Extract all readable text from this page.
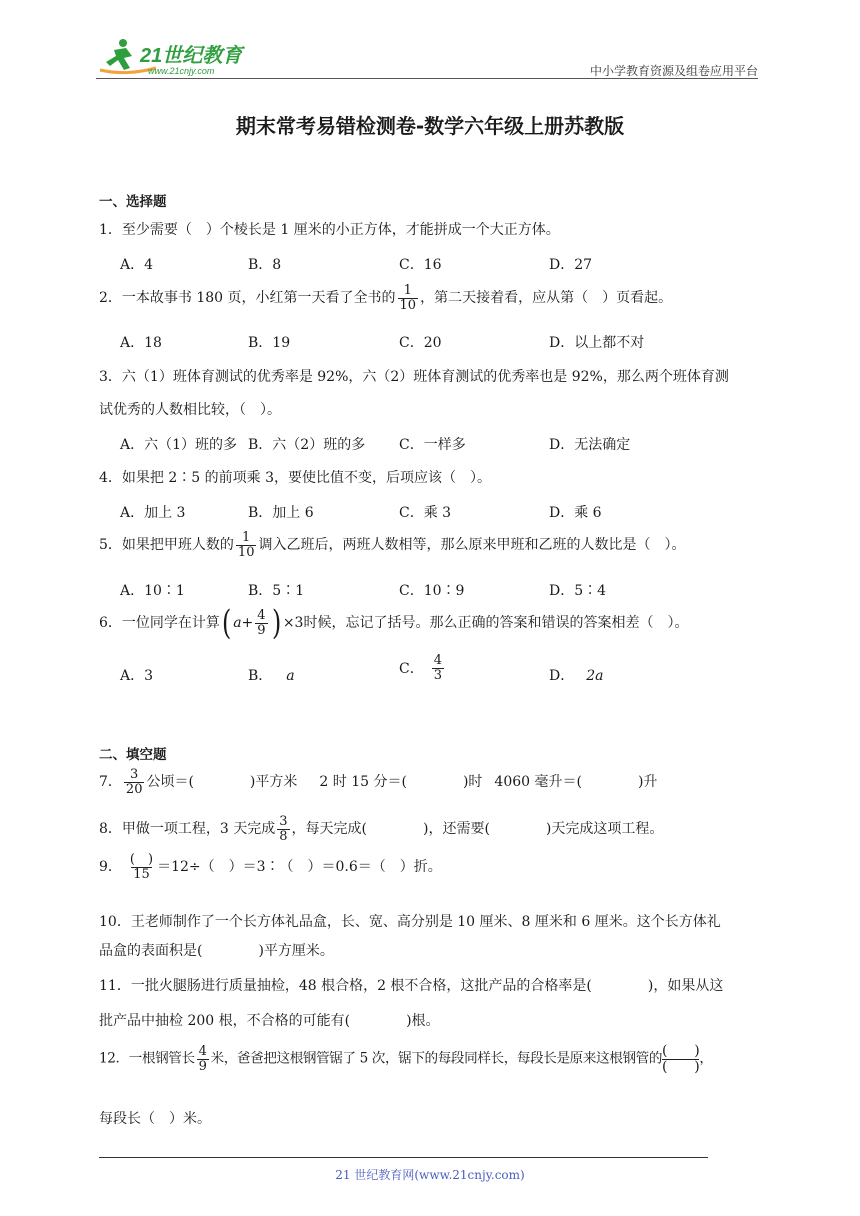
21世纪教育
www.21cnjy.com	中小学教育资源及组卷应用平台
期末常考易错检测卷-数学六年级上册苏教版
一、选择题
1．至少需要（　）个棱长是 1 厘米的小正方体，才能拼成一个大正方体。
A．4	B．8	C．16	D．27
2．一本故事书 180 页，小红第一天看了全书的 $\frac{1}{10}$ ，第二天接着看，应从第（　）页看起。
A．18	B．19	C．20	D．以上都不对
3．六（1）班体育测试的优秀率是 92%，六（2）班体育测试的优秀率也是 92%，那么两个班体育测
试优秀的人数相比较，（　）。
A．六（1）班的多 B．六（2）班的多 C．一样多	D．无法确定
4．如果把 2∶5 的前项乘 3，要使比值不变，后项应该（　）。
A．加上 3	B．加上 6	C．乘 3	D．乘 6
5．如果把甲班人数的 $\frac{1}{10}$ 调入乙班后，两班人数相等，那么原来甲班和乙班的人数比是（　）。
A．10∶1	B．5∶1	C．10∶9	D．5∶4
6．一位同学在计算( $a+ \frac{4}{9}$ ) ×3时候，忘记了括号。那么正确的答案和错误的答案相差（　）。
A．3	B． a	C． $\frac{4}{3}$	D． 2a
二、填空题
7． $\frac{3}{20}$ 公顷＝(　　　　)平方米 2 时 15 分＝(　　　　)时 4060 毫升＝(　　　　)升
8．甲做一项工程，3 天完成 $\frac{3}{8}$ ，每天完成(　　　　)，还需要(　　　　)天完成这项工程。
9． $\frac{( )}{15} =12\div$（　）＝3∶（　）＝0.6＝（　）折。
10．王老师制作了一个长方体礼品盒，长、宽、高分别是 10 厘米、8 厘米和 6 厘米。这个长方体礼
品盒的表面积是(　　　　)平方厘米。
11．一批火腿肠进行质量抽检，48 根合格，2 根不合格，这批产品的合格率是(　　　　)，如果从这
批产品中抽检 200 根，不合格的可能有(　　　　)根。
12．一根钢管长 $\frac{4}{9}$ 米，爸爸把这根钢管锯了 5 次，锯下的每段同样长，每段长是原来这根钢管的 (　　)
(　　) ，
每段长（　）米。
21 世纪教育网(www.21cnjy.com)
